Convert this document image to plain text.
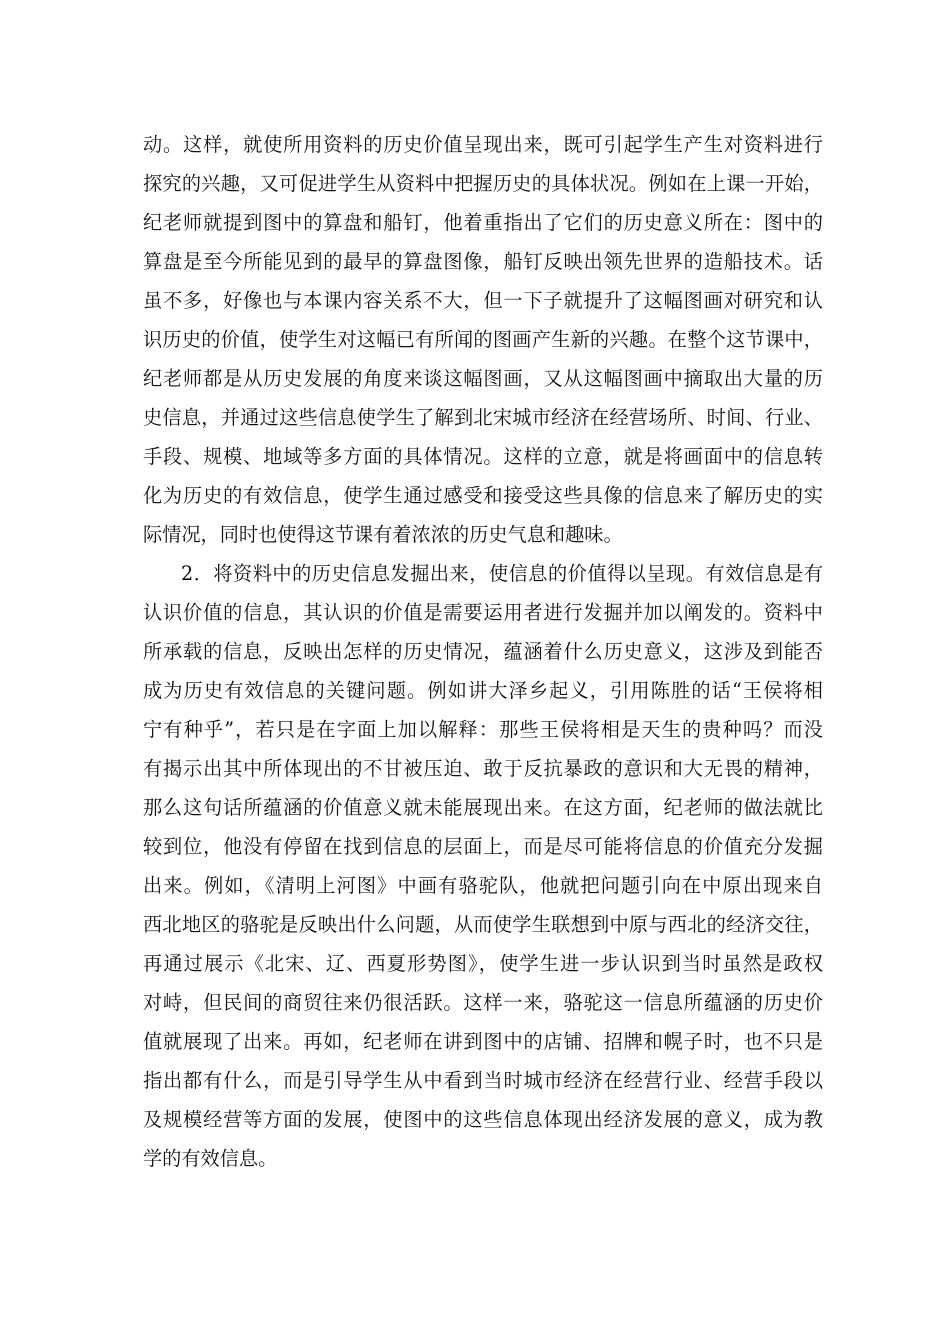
动。这样，就使所用资料的历史价值呈现出来，既可引起学生产生对资料进行
探究的兴趣，又可促进学生从资料中把握历史的具体状况。例如在上课一开始，
纪老师就提到图中的算盘和船钉，他着重指出了它们的历史意义所在：图中的
算盘是至今所能见到的最早的算盘图像，船钉反映出领先世界的造船技术。话
虽不多，好像也与本课内容关系不大，但一下子就提升了这幅图画对研究和认
识历史的价值，使学生对这幅已有所闻的图画产生新的兴趣。在整个这节课中，
纪老师都是从历史发展的角度来谈这幅图画，又从这幅图画中摘取出大量的历
史信息，并通过这些信息使学生了解到北宋城市经济在经营场所、时间、行业、
手段、规模、地域等多方面的具体情况。这样的立意，就是将画面中的信息转
化为历史的有效信息，使学生通过感受和接受这些具像的信息来了解历史的实
际情况，同时也使得这节课有着浓浓的历史气息和趣味。
2．将资料中的历史信息发掘出来，使信息的价值得以呈现。有效信息是有
认识价值的信息，其认识的价值是需要运用者进行发掘并加以阐发的。资料中
所承载的信息，反映出怎样的历史情况，蕴涵着什么历史意义，这涉及到能否
成为历史有效信息的关键问题。例如讲大泽乡起义，引用陈胜的话“王侯将相
宁有种乎”，若只是在字面上加以解释：那些王侯将相是天生的贵种吗？而没
有揭示出其中所体现出的不甘被压迫、敢于反抗暴政的意识和大无畏的精神，
那么这句话所蕴涵的价值意义就未能展现出来。在这方面，纪老师的做法就比
较到位，他没有停留在找到信息的层面上，而是尽可能将信息的价值充分发掘
出来。例如，《清明上河图》中画有骆驼队，他就把问题引向在中原出现来自
西北地区的骆驼是反映出什么问题，从而使学生联想到中原与西北的经济交往，
再通过展示《北宋、辽、西夏形势图》，使学生进一步认识到当时虽然是政权
对峙，但民间的商贸往来仍很活跃。这样一来，骆驼这一信息所蕴涵的历史价
值就展现了出来。再如，纪老师在讲到图中的店铺、招牌和幌子时，也不只是
指出都有什么，而是引导学生从中看到当时城市经济在经营行业、经营手段以
及规模经营等方面的发展，使图中的这些信息体现出经济发展的意义，成为教
学的有效信息。
